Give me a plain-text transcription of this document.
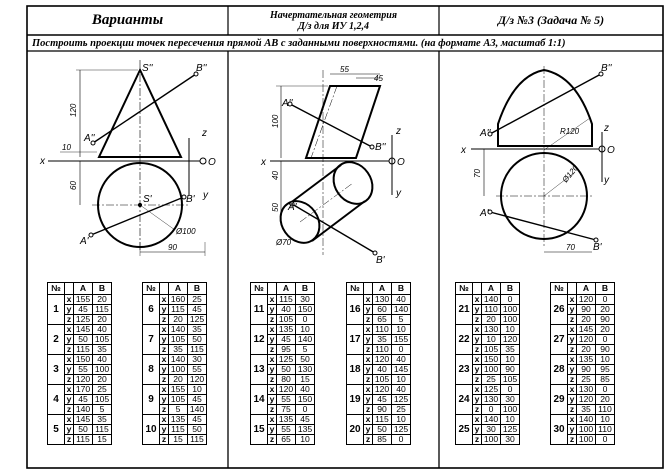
S''	B''
A''
x	O
z
S'	B'
A'
y
A''
B''
x	O
z
A'
B'
y
B''
A''
x	O
z
A'
B'
y
120
10
60
Ø100
90
55
45
100
40
50
Ø70
R120
70	Ø120
70
Варианты	Начертательная геометрия
Д/з для ИУ 1,2,4	Д/з №3 (Задача № 5)
Построить проекции точек пересечения прямой АВ с заданными поверхностями. (на формате А3, масштаб 1:1)
№		A	B
1	x	155	20
	y	45	115
	z	125	20
2	x	145	40
	y	50	105
	z	115	35
3	x	150	40
	y	55	100
	z	120	20
4	x	170	25
	y	45	105
	z	140	5
5	x	145	35
	y	50	115
	z	115	15
№		A	B
6	x	160	25
	y	115	45
	z	20	125
7	x	140	35
	y	105	50
	z	35	115
8	x	140	30
	y	100	55
	z	20	120
9	x	155	10
	y	105	45
	z	5	140
10	x	135	45
	y	115	50
	z	15	115
№		A	B
11	x	115	30
	y	40	150
	z	105	0
12	x	135	10
	y	45	140
	z	95	5
13	x	125	50
	y	50	130
	z	80	15
14	x	120	40
	y	55	150
	z	75	0
15	x	135	45
	y	55	135
	z	65	10
№		A	B
16	x	130	40
	y	60	140
	z	65	5
17	x	110	10
	y	35	155
	z	110	0
18	x	120	40
	y	40	145
	z	105	10
19	x	120	40
	y	45	125
	z	90	25
20	x	115	10
	y	50	125
	z	85	0
№		A	B
21	x	140	0
	y	110	100
	z	20	100
22	x	130	10
	y	10	120
	z	105	35
23	x	150	10
	y	100	90
	z	25	105
24	x	125	0
	y	130	30
	z	0	100
25	x	140	10
	y	30	125
	z	100	30
№		A	B
26	x	120	0
	y	90	20
	z	20	90
27	x	145	20
	y	120	0
	z	20	90
28	x	135	10
	y	90	95
	z	25	85
29	x	130	0
	y	120	20
	z	35	110
30	x	140	10
	y	100	110
	z	100	0
